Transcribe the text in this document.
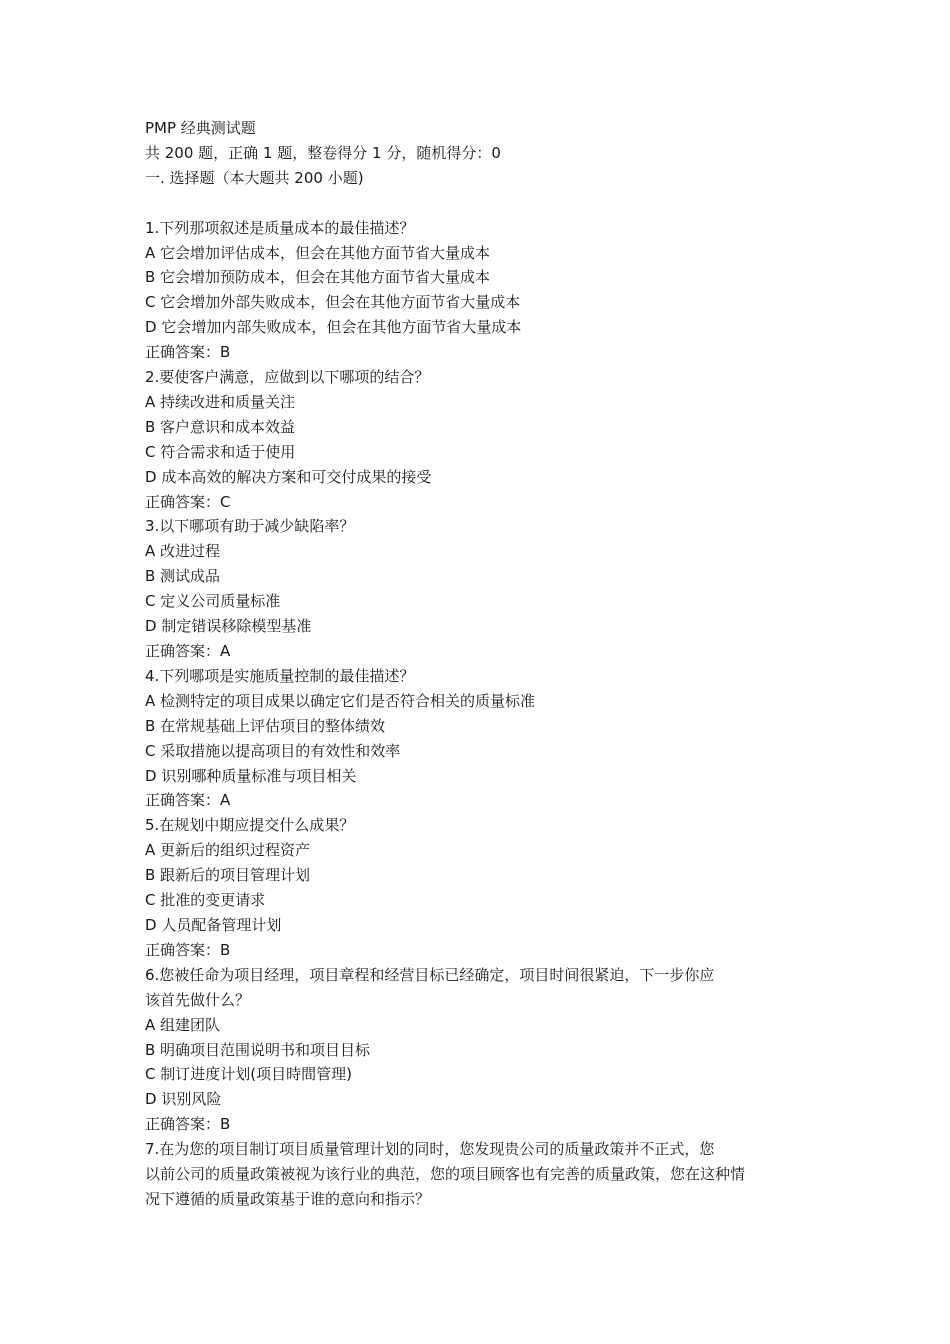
PMP 经典测试题
共 200 题，正确 1 题，整卷得分 1 分，随机得分：0
一. 选择题（本大题共 200 小题)
1.下列那项叙述是质量成本的最佳描述？
A 它会增加评估成本，但会在其他方面节省大量成本
B 它会增加预防成本，但会在其他方面节省大量成本
C 它会增加外部失败成本，但会在其他方面节省大量成本
D 它会增加内部失败成本，但会在其他方面节省大量成本
正确答案：B
2.要使客户满意，应做到以下哪项的结合？
A 持续改进和质量关注
B 客户意识和成本效益
C 符合需求和适于使用
D 成本高效的解决方案和可交付成果的接受
正确答案：C
3.以下哪项有助于减少缺陷率？
A 改进过程
B 测试成品
C 定义公司质量标准
D 制定错误移除模型基准
正确答案：A
4.下列哪项是实施质量控制的最佳描述？
A 检测特定的项目成果以确定它们是否符合相关的质量标准
B 在常规基础上评估项目的整体绩效
C 采取措施以提高项目的有效性和效率
D 识别哪种质量标准与项目相关
正确答案：A
5.在规划中期应提交什么成果？
A 更新后的组织过程资产
B 跟新后的项目管理计划
C 批准的变更请求
D 人员配备管理计划
正确答案：B
6.您被任命为项目经理，项目章程和经营目标已经确定，项目时间很紧迫，下一步你应
该首先做什么？
A 组建团队
B 明确项目范围说明书和项目目标
C 制订进度计划(项目時間管理)
D 识别风险
正确答案：B
7.在为您的项目制订项目质量管理计划的同时，您发现贵公司的质量政策并不正式，您
以前公司的质量政策被视为该行业的典范，您的项目顾客也有完善的质量政策，您在这种情
况下遵循的质量政策基于谁的意向和指示？
